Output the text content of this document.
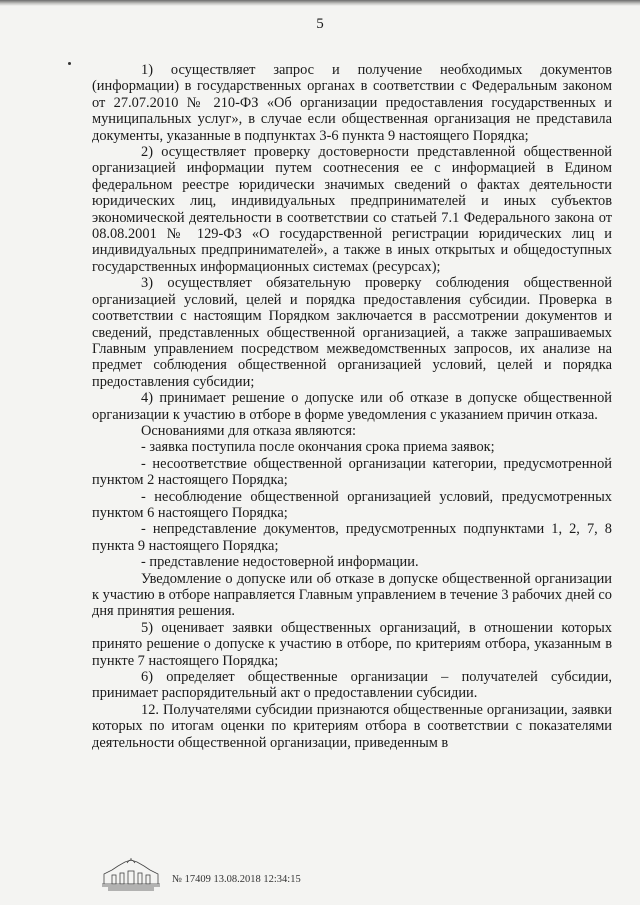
5

1) осуществляет запрос и получение необходимых документов (информации) в государственных органах в соответствии с Федеральным законом от 27.07.2010 № 210-ФЗ «Об организации предоставления государственных и муниципальных услуг», в случае если общественная организация не представила документы, указанные в подпунктах 3-6 пункта 9 настоящего Порядка;

2) осуществляет проверку достоверности представленной общественной организацией информации путем соотнесения ее с информацией в Едином федеральном реестре юридически значимых сведений о фактах деятельности юридических лиц, индивидуальных предпринимателей и иных субъектов экономической деятельности в соответствии со статьей 7.1 Федерального закона от 08.08.2001 № 129-ФЗ «О государственной регистрации юридических лиц и индивидуальных предпринимателей», а также в иных открытых и общедоступных государственных информационных системах (ресурсах);

3) осуществляет обязательную проверку соблюдения общественной организацией условий, целей и порядка предоставления субсидии. Проверка в соответствии с настоящим Порядком заключается в рассмотрении документов и сведений, представленных общественной организацией, а также запрашиваемых Главным управлением посредством межведомственных запросов, их анализе на предмет соблюдения общественной организацией условий, целей и порядка предоставления субсидии;

4) принимает решение о допуске или об отказе в допуске общественной организации к участию в отборе в форме уведомления с указанием причин отказа.

Основаниями для отказа являются:

- заявка поступила после окончания срока приема заявок;

- несоответствие общественной организации категории, предусмотренной пунктом 2 настоящего Порядка;

- несоблюдение общественной организацией условий, предусмотренных пунктом 6 настоящего Порядка;

- непредставление документов, предусмотренных подпунктами 1, 2, 7, 8 пункта 9 настоящего Порядка;

- представление недостоверной информации.

Уведомление о допуске или об отказе в допуске общественной организации к участию в отборе направляется Главным управлением в течение 3 рабочих дней со дня принятия решения.

5) оценивает заявки общественных организаций, в отношении которых принято решение о допуске к участию в отборе, по критериям отбора, указанным в пункте 7 настоящего Порядка;

6) определяет общественные организации – получателей субсидии, принимает распорядительный акт о предоставлении субсидии.

12. Получателями субсидии признаются общественные организации, заявки которых по итогам оценки по критериям отбора в соответствии с показателями деятельности общественной организации, приведенным в

№ 17409 13.08.2018 12:34:15
